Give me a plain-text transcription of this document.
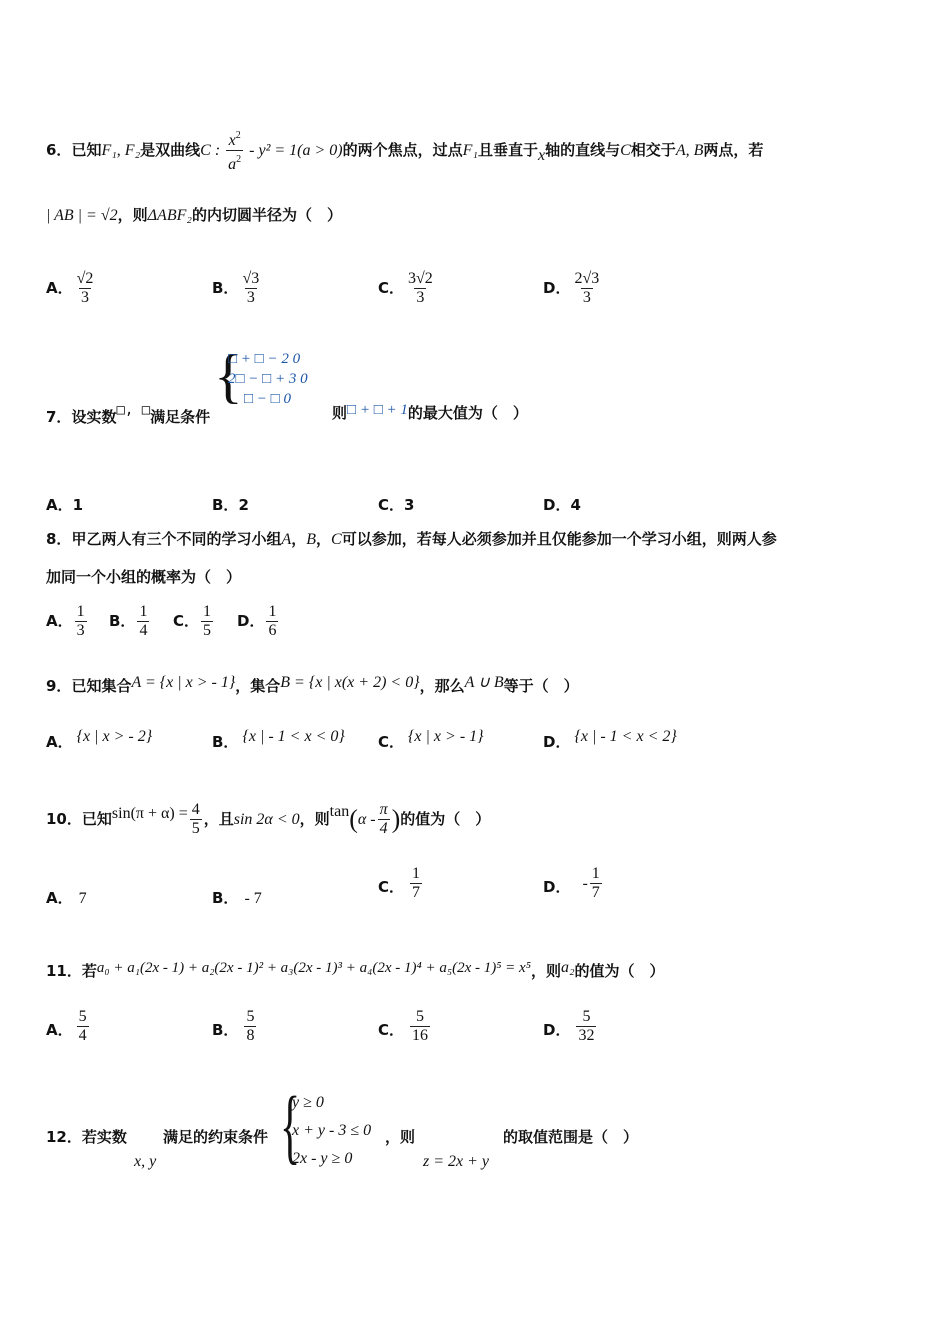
6．已知F₁, F₂是双曲线C : $\frac{x^2}{a^2} - y^2 = 1(a > 0)$的两个焦点，过点F₁且垂直于x轴的直线与C相交于A, B两点，若
| AB | = √2，则ΔABF₂的内切圆半径为（　）
A． $\frac{√2}{3}$	B． $\frac{√3}{3}$	C． $\frac{3√2}{3}$	D． $\frac{2√3}{3}$
7．设实数□, □满足条件
{
□ + □ − 2 0
2□ − □ + 3 0
□ − □ 0
则□ + □ + 1的最大值为（　）
A．1	B．2	C．3	D．4
8．甲乙两人有三个不同的学习小组A，B，C可以参加，若每人必须参加并且仅能参加一个学习小组，则两人参
加同一个小组的概率为（　）
A． $\frac{1}{3}$ B． $\frac{1}{4}$ C． $\frac{1}{5}$ D． $\frac{1}{6}$
9．已知集合A = {x | x > - 1}，集合B = {x | x(x + 2) < 0}，那么A ∪ B等于（　）
A． {x | x > - 2}	B． {x | - 1 < x < 0} C． {x | x > - 1}	D． {x | - 1 < x < 2}
10．已知$\sin(\pi + \alpha) = \frac{4}{5}$ ，且sin 2α < 0，则$\tan(\alpha - \frac{\pi}{4}$ )的值为（　）
A． 7	B． - 7
C． $\frac{1}{7}$	D． - $\frac{1}{7}$
11．若a₀ + a₁(2x - 1) + a₂(2x - 1)² + a₃(2x - 1)³ + a₄(2x - 1)⁴ + a₅(2x - 1)⁵ = x⁵，则a₂的值为（　）
A． $\frac{5}{4}$	B． $\frac{5}{8}$	C． $\frac{5}{16}$	D． $\frac{5}{32}$
12．若实数
x, y
满足的约束条件 {
y ≥ 0
x + y - 3 ≤ 0
2x - y ≥ 0
，则
z = 2x + y
的取值范围是（　）
